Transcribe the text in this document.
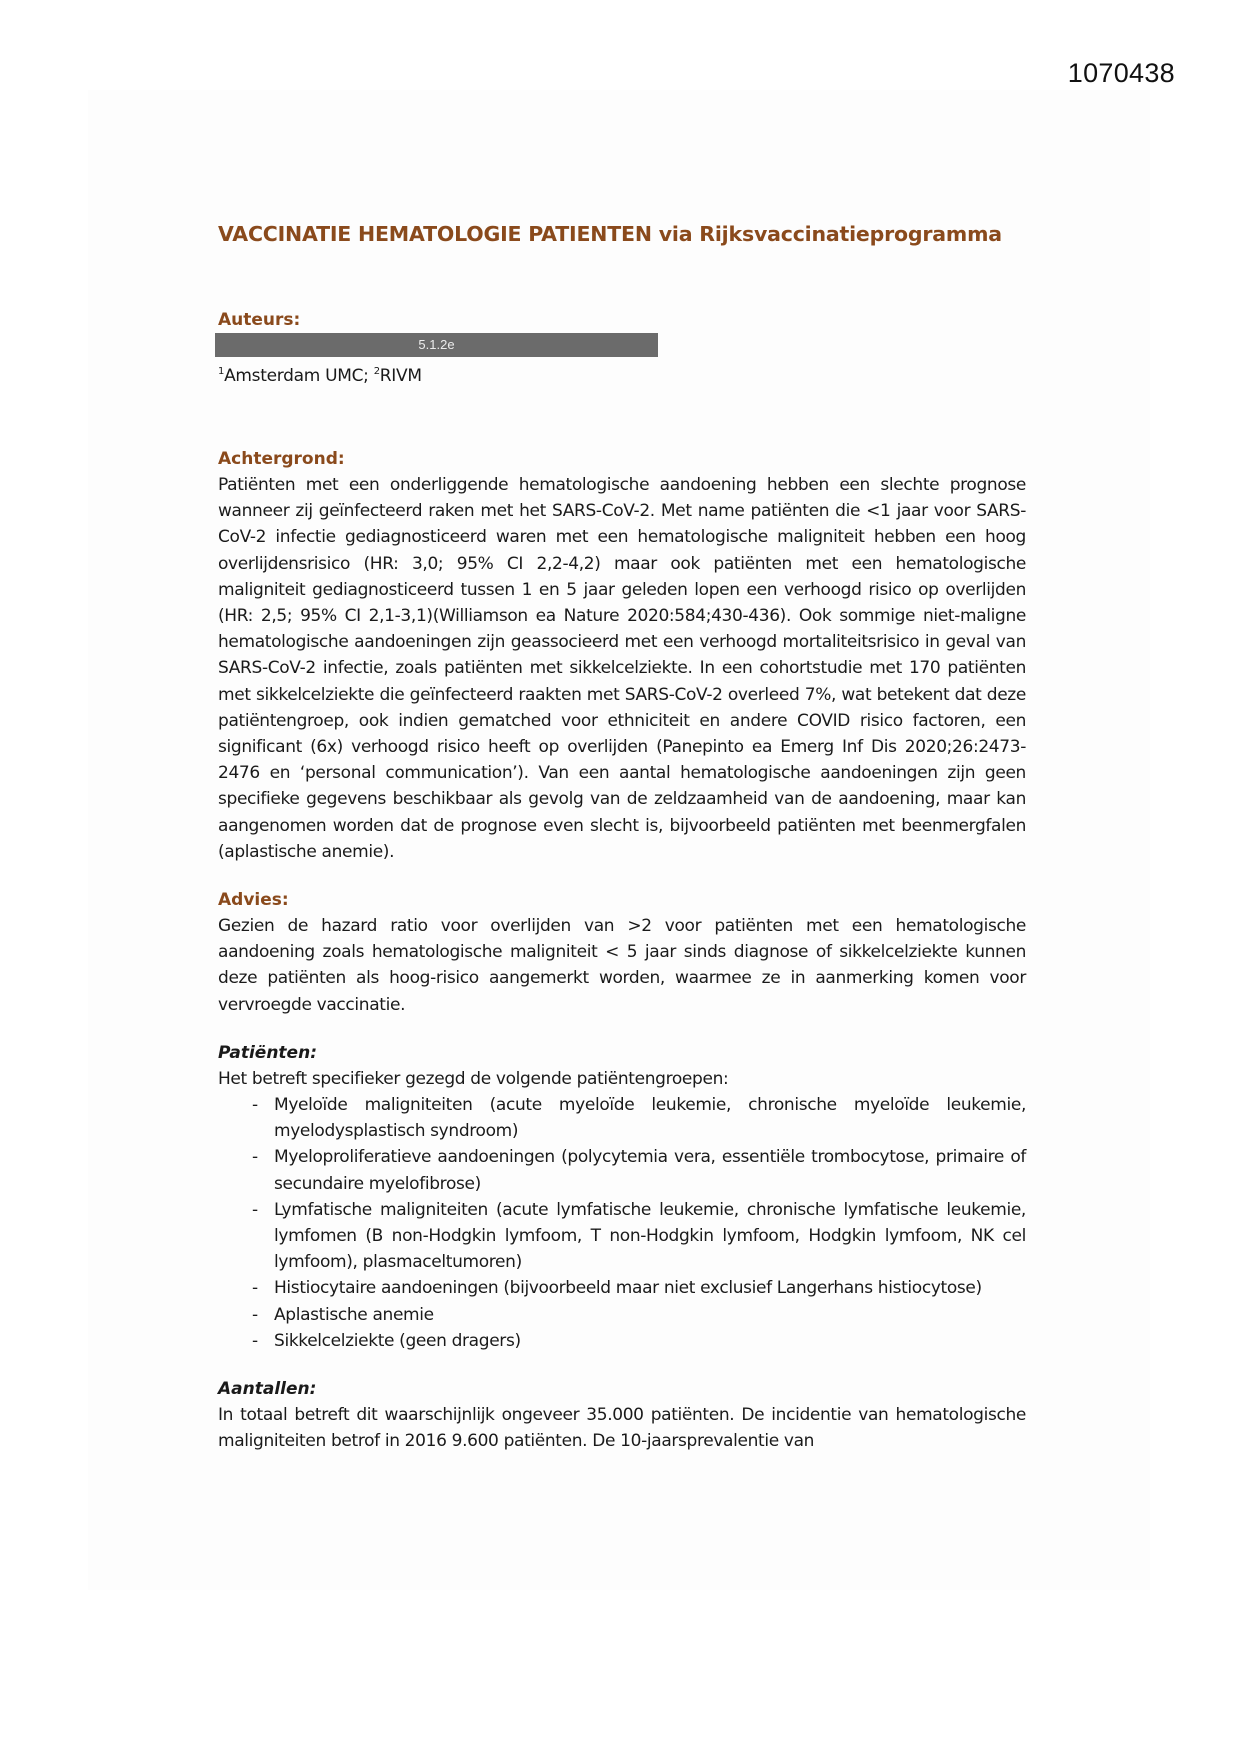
1070438
VACCINATIE HEMATOLOGIE PATIENTEN via Rijksvaccinatieprogramma
Auteurs:
5.1.2e

$^1$Amsterdam UMC; $^2$RIVM

Achtergrond:

Patiënten met een onderliggende hematologische aandoening hebben een slechte prognose wanneer zij geïnfecteerd raken met het SARS-CoV-2. Met name patiënten die <1 jaar voor SARS-CoV-2 infectie gediagnosticeerd waren met een hematologische maligniteit hebben een hoog overlijdensrisico (HR: 3,0; 95% CI 2,2-4,2) maar ook patiënten met een hematologische maligniteit gediagnosticeerd tussen 1 en 5 jaar geleden lopen een verhoogd risico op overlijden (HR: 2,5; 95% CI 2,1-3,1)(Williamson ea Nature 2020:584;430-436). Ook sommige niet-maligne hematologische aandoeningen zijn geassocieerd met een verhoogd mortaliteitsrisico in geval van SARS-CoV-2 infectie, zoals patiënten met sikkelcelziekte. In een cohortstudie met 170 patiënten met sikkelcelziekte die geïnfecteerd raakten met SARS-CoV-2 overleed 7%, wat betekent dat deze patiëntengroep, ook indien gematched voor ethniciteit en andere COVID risico factoren, een significant (6x) verhoogd risico heeft op overlijden (Panepinto ea Emerg Inf Dis 2020;26:2473-2476 en ‘personal communication’). Van een aantal hematologische aandoeningen zijn geen specifieke gegevens beschikbaar als gevolg van de zeldzaamheid van de aandoening, maar kan aangenomen worden dat de prognose even slecht is, bijvoorbeeld patiënten met beenmergfalen (aplastische anemie).

Advies:

Gezien de hazard ratio voor overlijden van >2 voor patiënten met een hematologische aandoening zoals hematologische maligniteit < 5 jaar sinds diagnose of sikkelcelziekte kunnen deze patiënten als hoog-risico aangemerkt worden, waarmee ze in aanmerking komen voor vervroegde vaccinatie.

Patiënten:

Het betreft specifieker gezegd de volgende patiëntengroepen:

- Myeloïde maligniteiten (acute myeloïde leukemie, chronische myeloïde leukemie, myelodysplastisch syndroom)
- Myeloproliferatieve aandoeningen (polycytemia vera, essentiële trombocytose, primaire of secundaire myelofibrose)
- Lymfatische maligniteiten (acute lymfatische leukemie, chronische lymfatische leukemie, lymfomen (B non-Hodgkin lymfoom, T non-Hodgkin lymfoom, Hodgkin lymfoom, NK cel lymfoom), plasmaceltumoren)
- Histiocytaire aandoeningen (bijvoorbeeld maar niet exclusief Langerhans histiocytose)
- Aplastische anemie
- Sikkelcelziekte (geen dragers)
Aantallen:

In totaal betreft dit waarschijnlijk ongeveer 35.000 patiënten. De incidentie van hematologische maligniteiten betrof in 2016 9.600 patiënten. De 10-jaarsprevalentie van
